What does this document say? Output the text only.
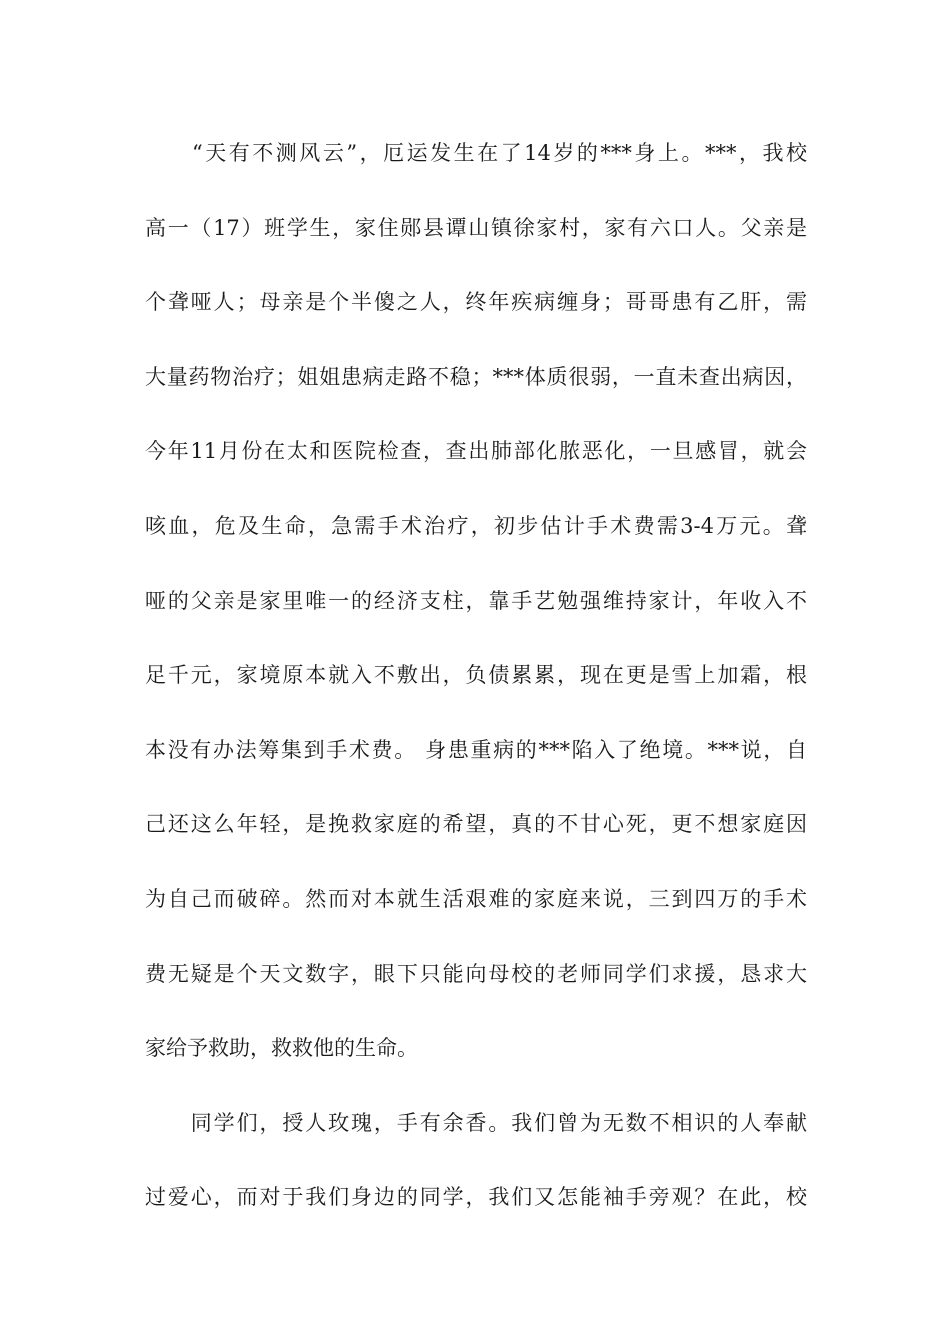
　　“天有不测风云”，厄运发生在了14岁的***身上。***，我校
高一（17）班学生，家住郧县谭山镇徐家村，家有六口人。父亲是
个聋哑人；母亲是个半傻之人，终年疾病缠身；哥哥患有乙肝，需
大量药物治疗；姐姐患病走路不稳；***体质很弱，一直未查出病因，
今年11月份在太和医院检查，查出肺部化脓恶化，一旦感冒，就会
咳血，危及生命，急需手术治疗，初步估计手术费需3-4万元。聋
哑的父亲是家里唯一的经济支柱，靠手艺勉强维持家计，年收入不
足千元，家境原本就入不敷出，负债累累，现在更是雪上加霜，根
本没有办法筹集到手术费。 身患重病的***陷入了绝境。***说，自
己还这么年轻，是挽救家庭的希望，真的不甘心死，更不想家庭因
为自己而破碎。然而对本就生活艰难的家庭来说，三到四万的手术
费无疑是个天文数字，眼下只能向母校的老师同学们求援，恳求大
家给予救助，救救他的生命。
　　同学们，授人玫瑰，手有余香。我们曾为无数不相识的人奉献
过爱心，而对于我们身边的同学，我们又怎能袖手旁观？在此，校
